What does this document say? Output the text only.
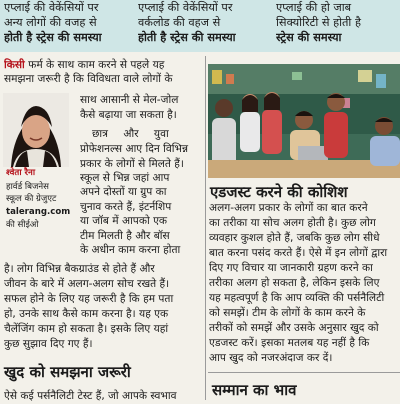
एप्लाई की वेकेंसियों पर
अन्य लोगों की वजह से
होती है स्ट्रेस की समस्या
एप्लाई की वेकेंसियों पर
वर्कलोड की वहज से
होती है स्ट्रेस की समस्या
एप्लाई की हो जाब
सिक्योरिटी से होती है
स्ट्रेस की समस्या
किसी फर्म के साथ काम करने से पहले यह
समझना जरूरी है कि विविधता वाले लोगों के
साथ आसानी से मेल-जोल
कैसे बढ़ाया जा सकता है।
छात्र और युवा
प्रोफेशनल्स आए दिन विभिन्न
प्रकार के लोगों से मिलते हैं।
श्वेता रैना
हार्वर्ड बिजनेस
स्कूल की ग्रेजुएट
talerang.com
की सीईओ
स्कूल से भिन्न जहां आप
अपने दोस्तों या ग्रुप का
चुनाव करते हैं, इंटर्नशिप
या जॉब में आपको एक
टीम मिलती है और बॉस
के अधीन काम करना होता
है। लोग विभिन्न बैकग्राउंड से होते हैं और
जीवन के बारे में अलग-अलग सोच रखते हैं।
सफल होने के लिए यह जरूरी है कि हम पता
हो, उनके साथ कैसे काम करना है। यह एक
चैलेंजिंग काम हो सकता है। इसके लिए यहां
कुछ सुझाव दिए गए हैं।
खुद को समझना जरूरी
ऐसे कई पर्सनैलिटी टेस्ट हैं, जो आपके स्वभाव
एडजस्ट करने की कोशिश
अलग-अलग प्रकार के लोगों का बात करने
का तरीका या सोच अलग होती है। कुछ लोग
व्यवहार कुशल होते हैं, जबकि कुछ लोग सीधे
बात करना पसंद करते हैं। ऐसे में इन लोगों द्वारा
दिए गए विचार या जानकारी ग्रहण करने का
तरीका अलग हो सकता है, लेकिन इसके लिए
यह महत्वपूर्ण है कि आप व्यक्ति की पर्सनैलिटी
को समझें। टीम के लोगों के काम करने के
तरीकों को समझें और उसके अनुसार खुद को
एडजस्ट करें। इसका मतलब यह नहीं है कि
आप खुद को नजरअंदाज कर दें।
सम्मान का भाव
